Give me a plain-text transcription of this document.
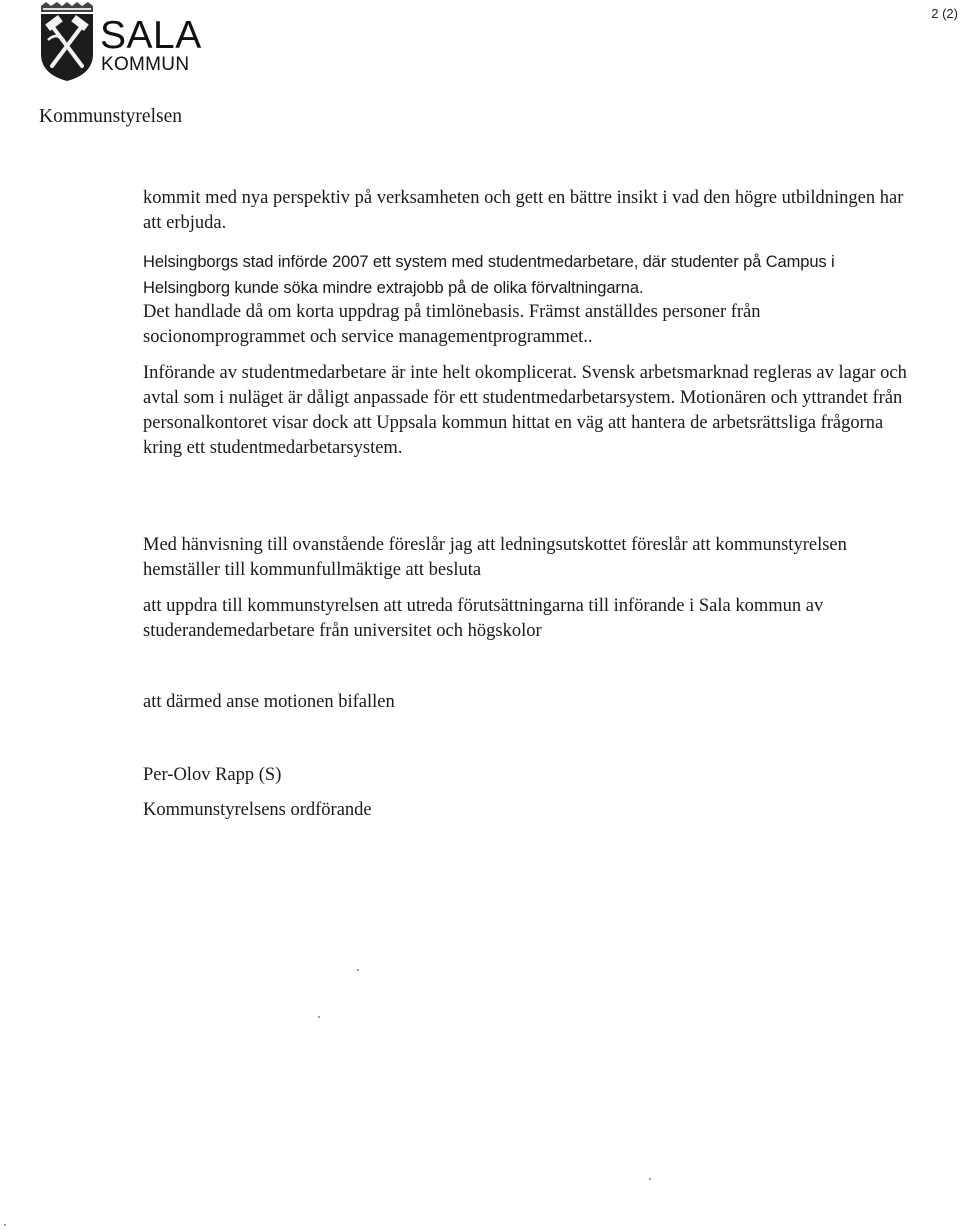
SALA
KOMMUN
2 (2)
Kommunstyrelsen

kommit med nya perspektiv på verksamheten och gett en bättre insikt i vad den högre utbildningen har att erbjuda.

Helsingborgs stad införde 2007 ett system med studentmedarbetare, där studenter på Campus i Helsingborg kunde söka mindre extrajobb på de olika förvaltningarna.

Det handlade då om korta uppdrag på timlönebasis. Främst anställdes personer från socionomprogrammet och service managementprogrammet..

Införande av studentmedarbetare är inte helt okomplicerat. Svensk arbetsmarknad regleras av lagar och avtal som i nuläget är dåligt anpassade för ett studentmedarbetarsystem. Motionären och yttrandet från personalkontoret visar dock att Uppsala kommun hittat en väg att hantera de arbetsrättsliga frågorna kring ett studentmedarbetarsystem.

Med hänvisning till ovanstående föreslår jag att ledningsutskottet föreslår att kommunstyrelsen hemställer till kommunfullmäktige att besluta

att uppdra till kommunstyrelsen att utreda förutsättningarna till införande i Sala kommun av studerandemedarbetare från universitet och högskolor

att därmed anse motionen bifallen

Per-Olov Rapp (S)

Kommunstyrelsens ordförande
